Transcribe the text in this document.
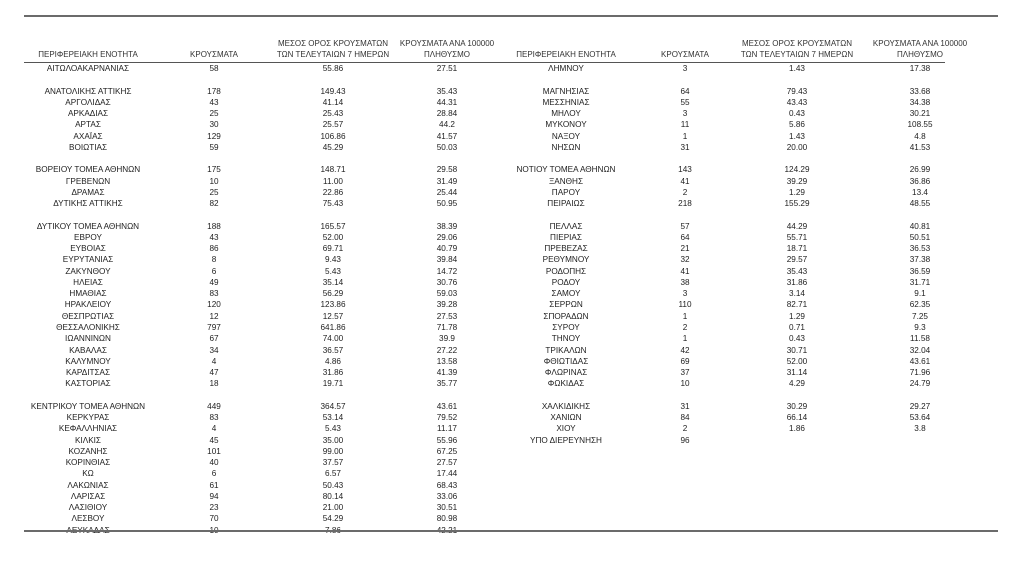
ΠΕΡΙΦΕΡΕΙΑΚΗ ΕΝΟΤΗΤΑ	ΚΡΟΥΣΜΑΤΑ
ΜΕΣΟΣ ΟΡΟΣ ΚΡΟΥΣΜΑΤΩΝ
ΤΩΝ ΤΕΛΕΥΤΑΙΩΝ 7 ΗΜΕΡΩΝ
ΚΡΟΥΣΜΑΤΑ ΑΝΑ 100000
ΠΛΗΘΥΣΜΟ	ΠΕΡΙΦΕΡΕΙΑΚΗ ΕΝΟΤΗΤΑ	ΚΡΟΥΣΜΑΤΑ
ΜΕΣΟΣ ΟΡΟΣ ΚΡΟΥΣΜΑΤΩΝ
ΤΩΝ ΤΕΛΕΥΤΑΙΩΝ 7 ΗΜΕΡΩΝ
ΚΡΟΥΣΜΑΤΑ ΑΝΑ 100000
ΠΛΗΘΥΣΜΟ
ΑΙΤΩΛΟΑΚΑΡΝΑΝΙΑΣ	58	55.86	27.51
ΑΝΑΤΟΛΙΚΗΣ ΑΤΤΙΚΗΣ	178	149.43	35.43
ΑΡΓΟΛΙΔΑΣ	43	41.14	44.31
ΑΡΚΑΔΙΑΣ	25	25.43	28.84
ΑΡΤΑΣ	30	25.57	44.2
ΑΧΑΪΑΣ	129	106.86	41.57
ΒΟΙΩΤΙΑΣ	59	45.29	50.03
ΒΟΡΕΙΟΥ ΤΟΜΕΑ ΑΘΗΝΩΝ	175	148.71	29.58
ΓΡΕΒΕΝΩΝ	10	11.00	31.49
ΔΡΑΜΑΣ	25	22.86	25.44
ΔΥΤΙΚΗΣ ΑΤΤΙΚΗΣ	82	75.43	50.95
ΔΥΤΙΚΟΥ ΤΟΜΕΑ ΑΘΗΝΩΝ	188	165.57	38.39
ΕΒΡΟΥ	43	52.00	29.06
ΕΥΒΟΙΑΣ	86	69.71	40.79
ΕΥΡΥΤΑΝΙΑΣ	8	9.43	39.84
ΖΑΚΥΝΘΟΥ	6	5.43	14.72
ΗΛΕΙΑΣ	49	35.14	30.76
ΗΜΑΘΙΑΣ	83	56.29	59.03
ΗΡΑΚΛΕΙΟΥ	120	123.86	39.28
ΘΕΣΠΡΩΤΙΑΣ	12	12.57	27.53
ΘΕΣΣΑΛΟΝΙΚΗΣ	797	641.86	71.78
ΙΩΑΝΝΙΝΩΝ	67	74.00	39.9
ΚΑΒΑΛΑΣ	34	36.57	27.22
ΚΑΛΥΜΝΟΥ	4	4.86	13.58
ΚΑΡΔΙΤΣΑΣ	47	31.86	41.39
ΚΑΣΤΟΡΙΑΣ	18	19.71	35.77
ΚΕΝΤΡΙΚΟΥ ΤΟΜΕΑ ΑΘΗΝΩΝ	449	364.57	43.61
ΚΕΡΚΥΡΑΣ	83	53.14	79.52
ΚΕΦΑΛΛΗΝΙΑΣ	4	5.43	11.17
ΚΙΛΚΙΣ	45	35.00	55.96
ΚΟΖΑΝΗΣ	101	99.00	67.25
ΚΟΡΙΝΘΙΑΣ	40	37.57	27.57
ΚΩ	6	6.57	17.44
ΛΑΚΩΝΙΑΣ	61	50.43	68.43
ΛΑΡΙΣΑΣ	94	80.14	33.06
ΛΑΣΙΘΙΟΥ	23	21.00	30.51
ΛΕΣΒΟΥ	70	54.29	80.98
ΛΗΜΝΟΥ	3	1.43	17.38
ΜΑΓΝΗΣΙΑΣ	64	79.43	33.68
ΜΕΣΣΗΝΙΑΣ	55	43.43	34.38
ΜΗΛΟΥ	3	0.43	30.21
ΜΥΚΟΝΟΥ	11	5.86	108.55
ΝΑΞΟΥ	1	1.43	4.8
ΝΗΣΩΝ	31	20.00	41.53
ΝΟΤΙΟΥ ΤΟΜΕΑ ΑΘΗΝΩΝ	143	124.29	26.99
ΞΑΝΘΗΣ	41	39.29	36.86
ΠΑΡΟΥ	2	1.29	13.4
ΠΕΙΡΑΙΩΣ	218	155.29	48.55
ΠΕΛΛΑΣ	57	44.29	40.81
ΠΙΕΡΙΑΣ	64	55.71	50.51
ΠΡΕΒΕΖΑΣ	21	18.71	36.53
ΡΕΘΥΜΝΟΥ	32	29.57	37.38
ΡΟΔΟΠΗΣ	41	35.43	36.59
ΡΟΔΟΥ	38	31.86	31.71
ΣΑΜΟΥ	3	3.14	9.1
ΣΕΡΡΩΝ	110	82.71	62.35
ΣΠΟΡΑΔΩΝ	1	1.29	7.25
ΣΥΡΟΥ	2	0.71	9.3
ΤΗΝΟΥ	1	0.43	11.58
ΤΡΙΚΑΛΩΝ	42	30.71	32.04
ΦΘΙΩΤΙΔΑΣ	69	52.00	43.61
ΦΛΩΡΙΝΑΣ	37	31.14	71.96
ΦΩΚΙΔΑΣ	10	4.29	24.79
ΧΑΛΚΙΔΙΚΗΣ	31	30.29	29.27
ΧΑΝΙΩΝ	84	66.14	53.64
ΧΙΟΥ	2	1.86	3.8
ΥΠΟ ΔΙΕΡΕΥΝΗΣΗ	96
